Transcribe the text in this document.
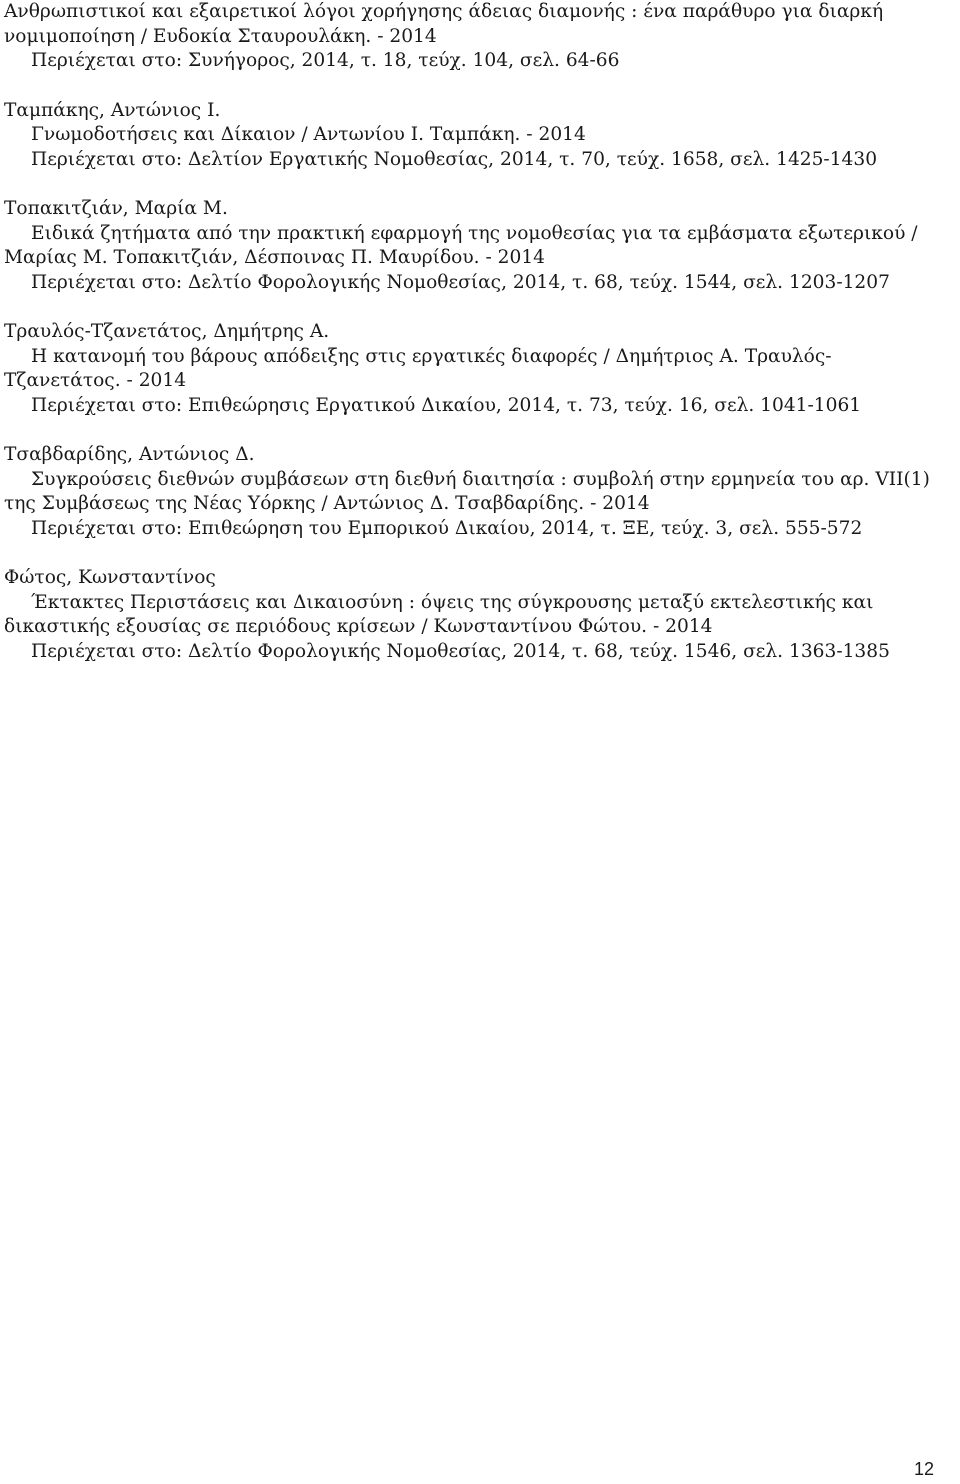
Ανθρωπιστικοί και εξαιρετικοί λόγοι χορήγησης άδειας διαμονής : ένα παράθυρο για διαρκή
νομιμοποίηση / Ευδοκία Σταυρουλάκη. - 2014
Περιέχεται στο: Συνήγορος, 2014, τ. 18, τεύχ. 104, σελ. 64-66
Ταμπάκης, Αντώνιος Ι.
Γνωμοδοτήσεις και Δίκαιον / Αντωνίου Ι. Ταμπάκη. - 2014
Περιέχεται στο: Δελτίον Εργατικής Νομοθεσίας, 2014, τ. 70, τεύχ. 1658, σελ. 1425-1430
Τοπακιτζιάν, Μαρία Μ.
Ειδικά ζητήματα από την πρακτική εφαρμογή της νομοθεσίας για τα εμβάσματα εξωτερικού /
Μαρίας Μ. Τοπακιτζιάν, Δέσποινας Π. Μαυρίδου. - 2014
Περιέχεται στο: Δελτίο Φορολογικής Νομοθεσίας, 2014, τ. 68, τεύχ. 1544, σελ. 1203-1207
Τραυλός-Τζανετάτος, Δημήτρης Α.
Η κατανομή του βάρους απόδειξης στις εργατικές διαφορές / Δημήτριος Α. Τραυλός-
Τζανετάτος. - 2014
Περιέχεται στο: Επιθεώρησις Εργατικού Δικαίου, 2014, τ. 73, τεύχ. 16, σελ. 1041-1061
Τσαβδαρίδης, Αντώνιος Δ.
Συγκρούσεις διεθνών συμβάσεων στη διεθνή διαιτησία : συμβολή στην ερμηνεία του αρ. VII(1)
της Συμβάσεως της Νέας Υόρκης / Αντώνιος Δ. Τσαβδαρίδης. - 2014
Περιέχεται στο: Επιθεώρηση του Εμπορικού Δικαίου, 2014, τ. ΞΕ, τεύχ. 3, σελ. 555-572
Φώτος, Κωνσταντίνος
Έκτακτες Περιστάσεις και Δικαιοσύνη : όψεις της σύγκρουσης μεταξύ εκτελεστικής και
δικαστικής εξουσίας σε περιόδους κρίσεων / Κωνσταντίνου Φώτου. - 2014
Περιέχεται στο: Δελτίο Φορολογικής Νομοθεσίας, 2014, τ. 68, τεύχ. 1546, σελ. 1363-1385
12
